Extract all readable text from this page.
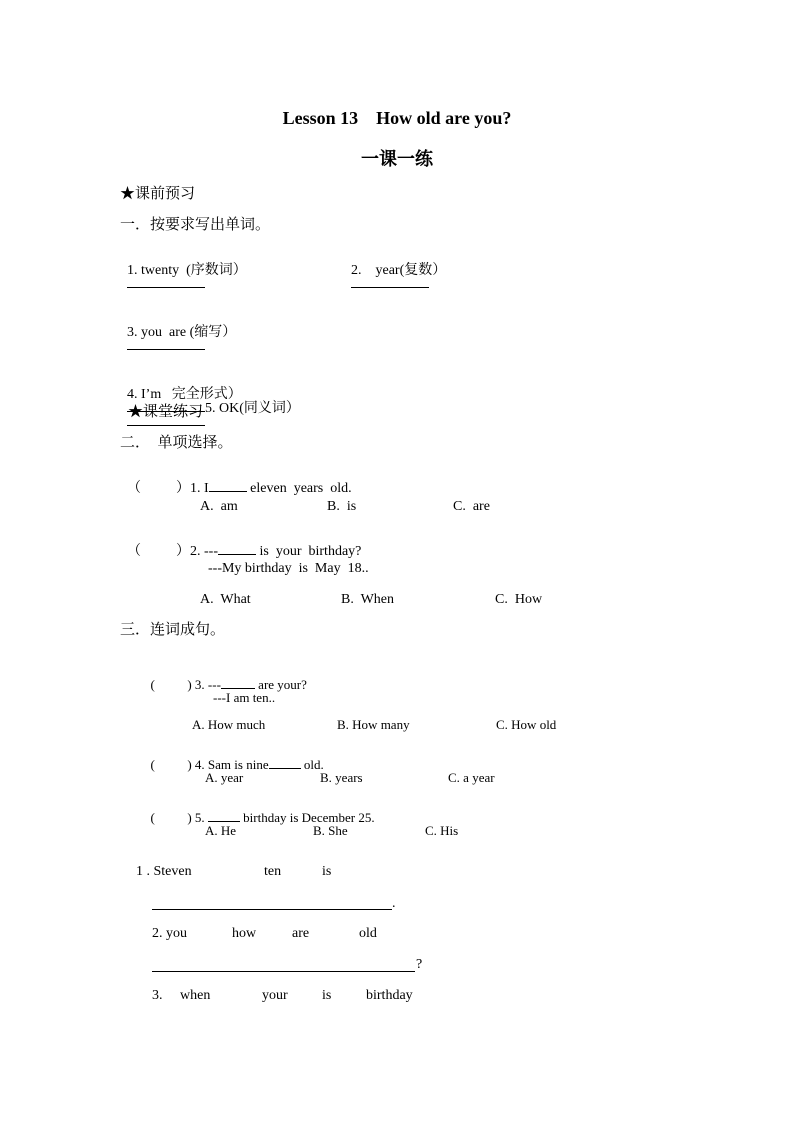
Lesson 13    How old are you?
一课一练
★课前预习
一．按要求写出单词。

1. twenty  (序数词）
	2.    year(复数）

3. you  are (缩写）

4. I’m   完全形式）
5. OK(同义词）

★课堂练习
二．  单项选择。

（          ）1. I	eleven  years  old.

A.  am	B.  is	C.  are

（          ）2. ---	is  your  birthday?

---My birthday  is  May  18..
A.  What	B.  When	C.  How
三．连词成句。

(          ) 3. ---	are your?

---I am ten..
A. How much	B. How many	C. How old

(          ) 4. Sam is nine old.

A. year	B. years	C. a year

(          ) 5.  birthday is December 25.

A. He	B. She	C. His
1 . Steven	ten	is
.
2. you	how	are	old
?
3. when	your is birthday
